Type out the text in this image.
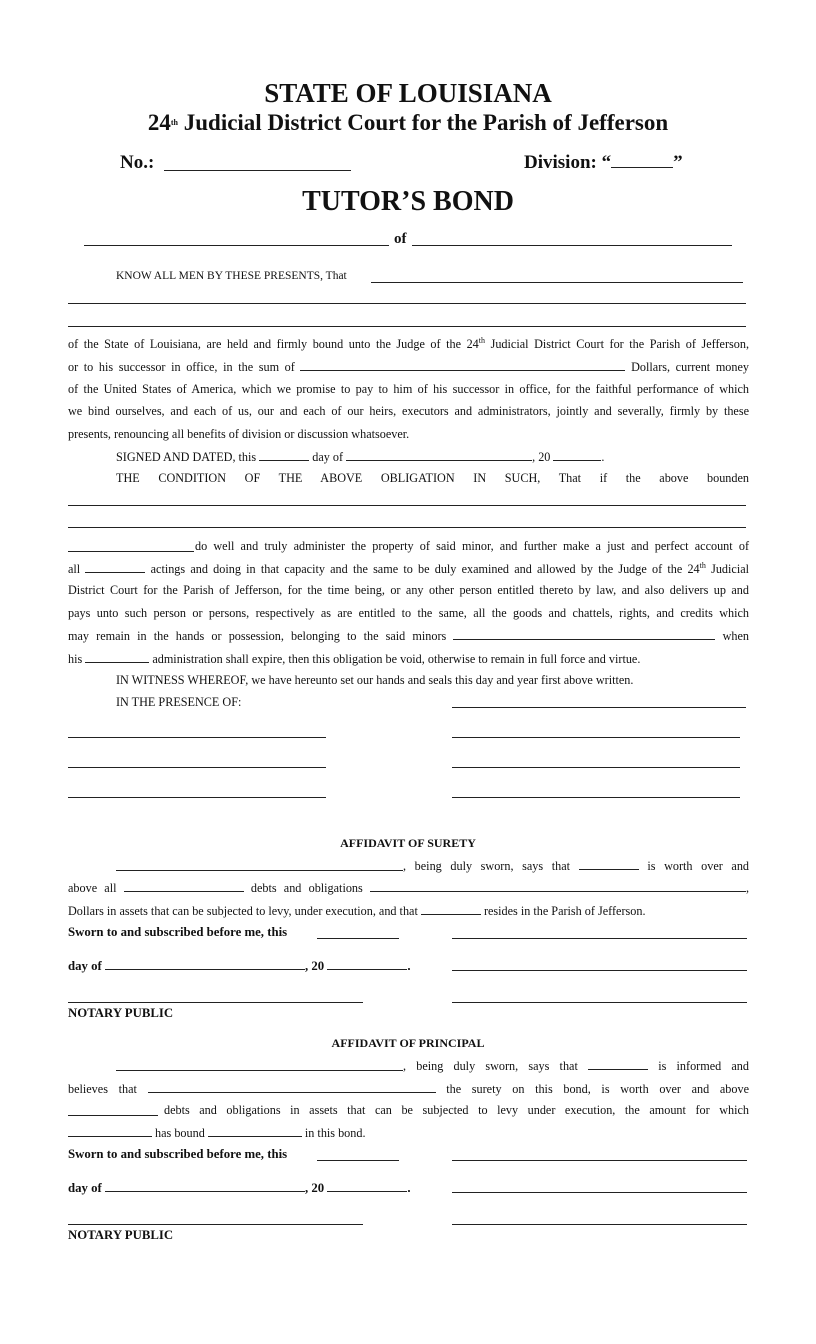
STATE OF LOUISIANA
24th Judicial District Court for the Parish of Jefferson
No.:	Division: “	”
TUTOR’S BOND
of
KNOW ALL MEN BY THESE PRESENTS, That
of the State of Louisiana, are held and firmly bound unto the Judge of the 24th Judicial District Court for the Parish of Jefferson,
or to his successor in office, in the sum of	Dollars, current money
of the United States of America, which we promise to pay to him of his successor in office, for the faithful performance of which
we bind ourselves, and each of us, our and each of our heirs, executors and administrators, jointly and severally, firmly by these
presents, renouncing all benefits of division or discussion whatsoever.
SIGNED AND DATED, this	day of	, 20	.
THE CONDITION OF THE ABOVE OBLIGATION IN SUCH, That if the above bounden
do well and truly administer the property of said minor, and further make a just and perfect account of
all	actings and doing in that capacity and the same to be duly examined and allowed by the Judge of the 24th Judicial
District Court for the Parish of Jefferson, for the time being, or any other person entitled thereto by law, and also delivers up and
pays unto such person or persons, respectively as are entitled to the same, all the goods and chattels, rights, and credits which
may remain in the hands or possession, belonging to the said minors	when
his	administration shall expire, then this obligation be void, otherwise to remain in full force and virtue.
IN WITNESS WHEREOF, we have hereunto set our hands and seals this day and year first above written.
IN THE PRESENCE OF:
AFFIDAVIT OF SURETY
, being duly sworn, says that	is worth over and
above all	debts and obligations	,
Dollars in assets that can be subjected to levy, under execution, and that	resides in the Parish of Jefferson.
Sworn to and subscribed before me, this
day of	, 20	.
NOTARY PUBLIC
AFFIDAVIT OF PRINCIPAL
, being duly sworn, says that	is informed and
believes that	the surety on this bond, is worth over and above
debts and obligations in assets that can be subjected to levy under execution, the amount for which
has bound	in this bond.
Sworn to and subscribed before me, this
day of	, 20	.
NOTARY PUBLIC
